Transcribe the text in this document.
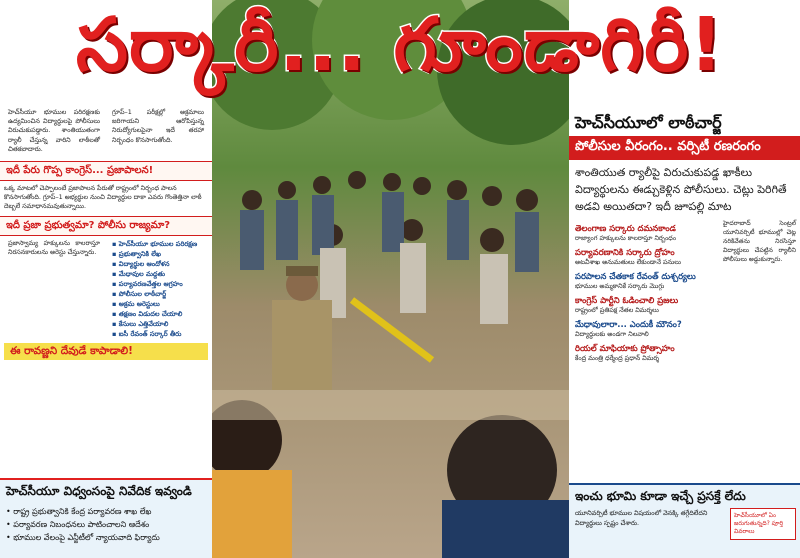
సర్కారీ... గూండాగిరీ!

హెచ్‌సీయూ భూముల పరిరక్షణకు ఉద్యమించిన విద్యార్థులపై పోలీసులు విరుచుకుపడ్డారు. శాంతియుతంగా ర్యాలీ చేస్తున్న వారిని లాఠీలతో చితకబాదారు.

గ్రూప్–1 పరీక్షల్లో అక్రమాలు జరిగాయని ఆరోపిస్తున్న నిరుద్యోగులపైనా ఇదే తరహా నిర్బంధం కొనసాగుతోంది.

ఇదీ పేరు గొప్ప కాంగ్రెస్... ప్రజాపాలన!

ఒక్క మాటలో చెప్పాలంటే ప్రజాపాలన పేరుతో రాష్ట్రంలో నిర్బంధ పాలన కొనసాగుతోంది. గ్రూప్–1 అభ్యర్థుల నుంచి విద్యార్థుల దాకా ఎవరు గొంతెత్తినా లాఠీ దెబ్బలే సమాధానమవుతున్నాయి.

ఇదీ ప్రజా ప్రభుత్వమా? పోలీసు రాజ్యమా?

ప్రజాస్వామ్య హక్కులను కాలరాస్తూ నిరసనకారులను అరెస్టు చేస్తున్నారు.

▪ హెచ్‌సీయూ భూముల పరిరక్షణ
▪ ప్రభుత్వానికి లేఖ
▪ విద్యార్థుల ఆందోళన
▪ మేధావుల మద్దతు
▪ పర్యావరణవేత్తల ఆగ్రహం
▪ పోలీసుల లాఠీచార్జ్
▪ అక్రమ అరెస్టులు
▪ తక్షణం విడుదల చేయాలి
▪ కేసులు ఎత్తివేయాలి
▪ ఐసీ రేవంత్ సర్కార్ తీరు
ఈ రావణ్ణని దేవుడే కాపాడాలి!
హెచ్‌సీయూలో లాఠీచార్జ్
పోలీసుల వీరంగం.. వర్సిటీ రణరంగం
శాంతియుత ర్యాలీపై విరుచుకుపడ్డ ఖాకీలు విద్యార్థులను ఈడ్చుకెళ్లిన పోలీసులు. చెట్లు పెరిగితే అడవి అయితదా? ఇదీ జూపల్లి మాట
తెలంగాణ సర్కారు దమనకాండ
రాజ్యాంగ హక్కులను కాలరాస్తూ నిర్బంధం
పర్యావరణానికి సర్కారు ద్రోహం
అటవీశాఖ అనుమతులు లేకుండానే పనులు
పరపాలన చేతకాక రేవంత్ దుశ్చర్యలు
భూముల అమ్మకానికే సర్కారు మొగ్గు
కాంగ్రెస్ పార్టీని ఓడించాలి ప్రజలు
రాష్ట్రంలో ప్రతిపక్ష నేతల విమర్శలు
మేధావులారా... ఎందుకీ మౌనం?
విద్యార్థులకు అండగా నిలవాలి
రియల్ మాఫియాకు ప్రోత్సాహం
కేంద్ర మంత్రి ధర్మేంద్ర ప్రధాన్ విమర్శ
హైదరాబాద్ సెంట్రల్ యూనివర్సిటీ భూముల్లో చెట్ల నరికివేతను నిరసిస్తూ విద్యార్థులు చేపట్టిన ర్యాలీని పోలీసులు అడ్డుకున్నారు.
హెచ్‌సీయూ విధ్వంసంపై నివేదిక ఇవ్వండి
• రాష్ట్ర ప్రభుత్వానికి కేంద్ర పర్యావరణ శాఖ లేఖ
• పర్యావరణ నిబంధనలు పాటించాలని ఆదేశం
• భూముల వేలంపై ఎన్జీటీలో న్యాయవాది ఫిర్యాదు
ఇంచు భూమి కూడా ఇచ్చే ప్రసక్తే లేదు
యూనివర్సిటీ భూముల విషయంలో వెనక్కి తగ్గేదిలేదని విద్యార్థులు స్పష్టం చేశారు.
హెచ్‌సీయూలో ఏం జరుగుతున్నది? పూర్తి వివరాలు
